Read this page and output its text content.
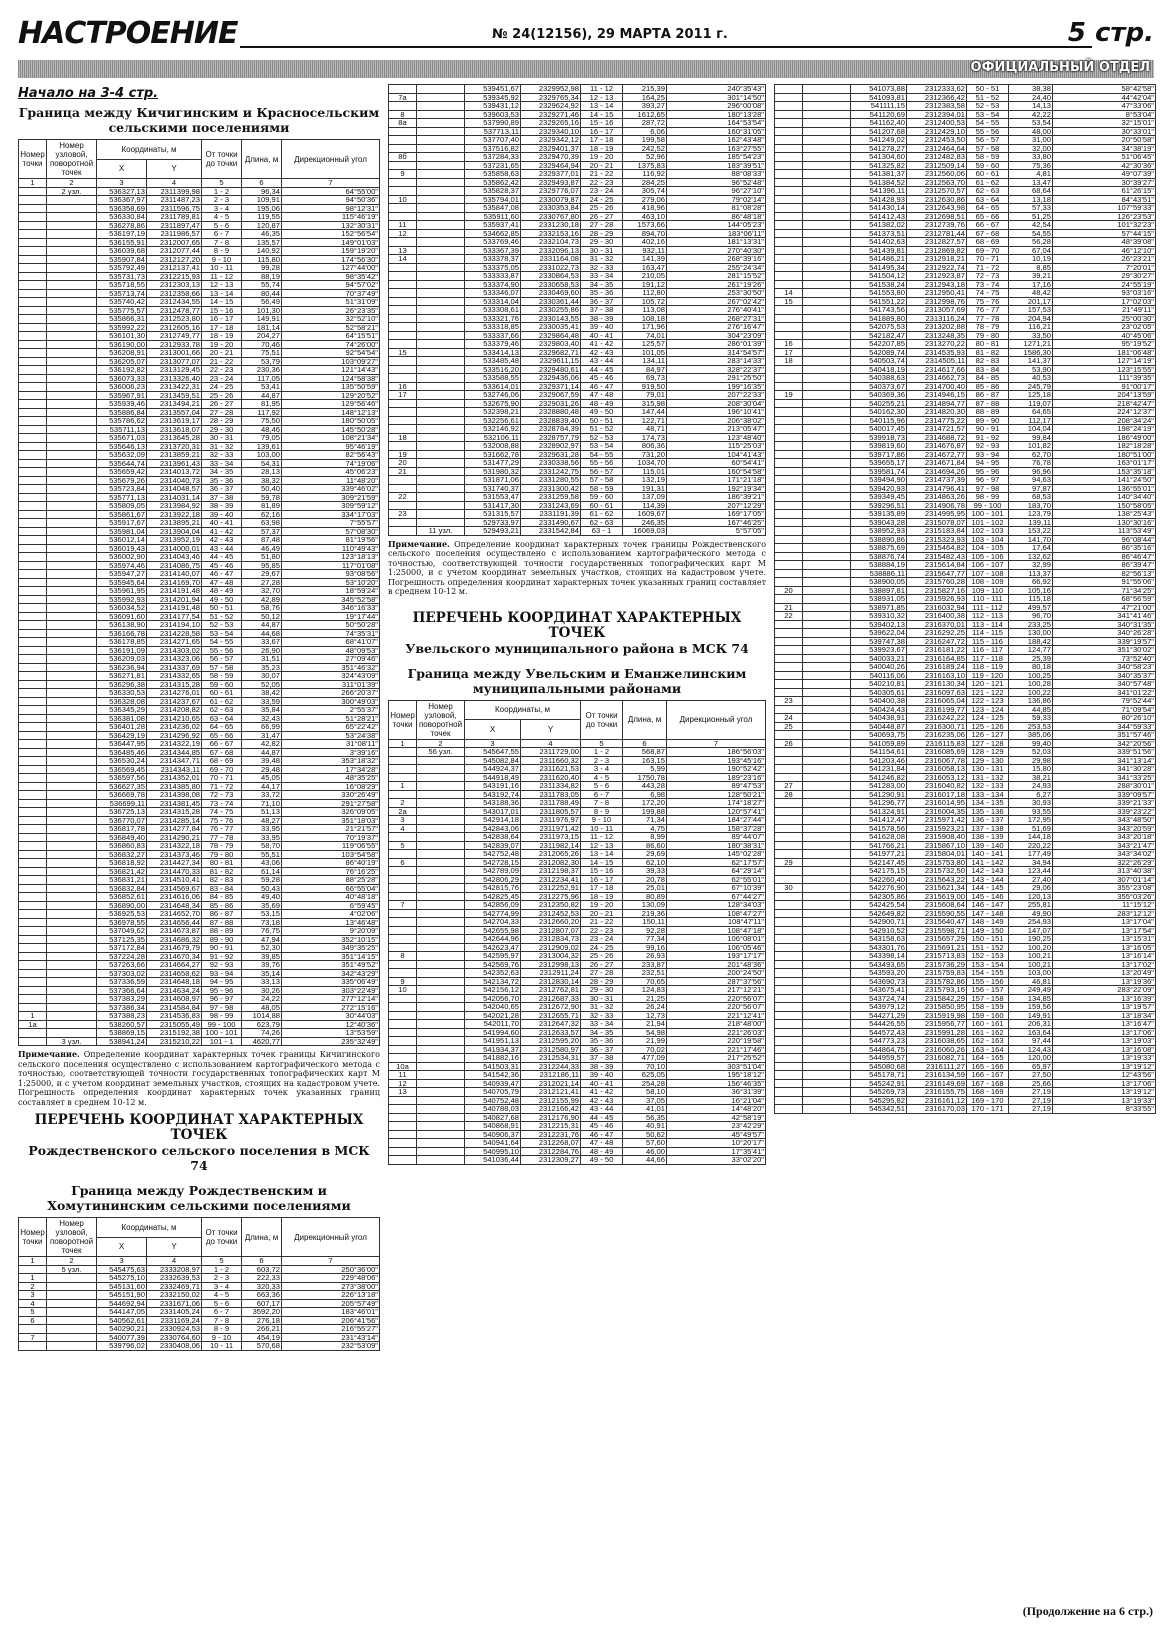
НАСТРОЕНИЕ	№ 24(12156), 29 МАРТА 2011 г.	5 стр.
ОФИЦИАЛЬНЫЙ ОТДЕЛ
Начало на 3-4 стр.
Граница между Кичигинским и Красносельским сельскими поселениями
Номер точки	Номер узловой, поворотной точек	Координаты, м		От точки до точки	Длина, м	Дирекционный угол
		X	Y			
1	2	3	4	5	6	7
	2 узл.	536327,13	2311399,98	1 - 2	96,34	64°55'00"
		536367,97	2311487,23	2 - 3	109,91	94°50'36"
		536358,69	2311596,75	3 - 4	195,06	98°12'31"
		536330,84	2311789,81	4 - 5	119,55	115°46'19"
		536278,86	2311897,47	5 - 6	120,87	132°30'31"
		536197,19	2311986,57	6 - 7	46,35	152°56'54"
		536155,91	2312007,65	7 - 8	135,57	149°01'03"
		536039,68	2312077,44	8 - 9	140,92	159°19'20"
		535907,84	2312127,20	9 - 10	115,80	174°56'30"
		535792,49	2312137,41	10 - 11	99,28	127°44'00"
		535731,73	2312215,93	11 - 12	88,19	98°35'42"
		535718,55	2312303,13	12 - 13	55,74	94°57'02"
		535713,74	2312358,66	13 - 14	80,44	70°37'49"
		535740,42	2312434,55	14 - 15	56,49	51°31'09"
		535775,57	2312478,77	15 - 16	101,30	26°23'35"
		535866,31	2312523,80	16 - 17	149,91	32°52'10"
		535992,22	2312605,16	17 - 18	181,14	52°58'21"
		536101,30	2312749,77	18 - 19	204,27	64°15'51"
		536190,00	2312933,78	19 - 20	70,46	74°26'00"
		536208,91	2313001,66	20 - 21	75,51	92°54'54"
		536205,07	2313077,07	21 - 22	53,79	103°09'27"
		536192,82	2313129,45	22 - 23	230,36	121°14'43"
		536073,33	2313326,40	23 - 24	117,05	124°58'38"
		536006,23	2313422,31	24 - 25	53,41	135°50'59"
		535967,91	2313459,51	25 - 26	44,87	129°20'52"
		535939,46	2313494,21	26 - 27	81,95	129°56'46"
		535886,84	2313557,04	27 - 28	117,92	148°12'13"
		535786,62	2313619,17	28 - 29	75,50	180°50'05"
		535711,13	2313618,07	29 - 30	48,46	145°50'28"
		535671,03	2313645,28	30 - 31	79,05	108°21'34"
		535646,13	2313720,31	31 - 32	139,61	95°46'19"
		535632,09	2313859,21	32 - 33	103,00	82°56'43"
		535644,74	2313961,43	33 - 34	54,31	74°19'06"
		535659,42	2314013,72	34 - 35	28,13	45°06'23"
		535679,26	2314040,73	35 - 36	38,32	11°48'20"
		535723,84	2314048,57	36 - 37	50,40	339°46'02"
		535771,13	2314031,14	37 - 38	59,78	309°21'59"
		535809,05	2313984,92	38 - 39	81,89	309°59'12"
		535861,67	2313922,18	39 - 40	62,16	334°17'03"
		535917,67	2313895,21	40 - 41	63,98	7°55'57"
		535981,04	2313904,04	41 - 42	57,37	57°08'30"
		536012,14	2313952,19	42 - 43	87,48	81°19'56"
		536019,43	2314000,01	43 - 44	46,49	110°49'43"
		536002,90	2314043,46	44 - 45	51,80	123°18'13"
		535974,46	2314086,75	45 - 46	95,85	117°01'08"
		535947,27	2314140,07	46 - 47	29,67	93°08'56"
		535945,64	2314169,70	47 - 48	27,28	53°10'20"
		535961,95	2314191,48	48 - 49	32,70	18°59'24"
		535992,93	2314201,94	49 - 50	42,89	345°52'58"
		536034,52	2314191,48	50 - 51	58,76	346°16'33"
		536091,60	2314177,54	51 - 52	50,12	19°17'44"
		536138,90	2314194,10	52 - 53	44,87	50°50'28"
		536166,78	2314228,58	53 - 54	44,68	74°35'31"
		536178,85	2314271,65	54 - 55	33,67	68°41'07"
		536191,09	2314303,02	55 - 56	26,90	48°09'53"
		536209,03	2314323,06	56 - 57	31,51	27°09'46"
		536236,94	2314337,69	57 - 58	35,23	351°46'32"
		536271,81	2314332,65	58 - 59	30,07	324°43'09"
		536296,38	2314315,28	59 - 60	52,05	311°01'39"
		536330,53	2314276,01	60 - 61	38,42	266°20'37"
		536328,08	2314237,67	61 - 62	33,59	300°49'03"
		536345,29	2314208,82	62 - 63	35,84	2°55'37"
		536381,08	2314210,65	63 - 64	32,43	51°28'21"
		536401,28	2314236,02	64 - 65	66,99	65°22'42"
		536429,19	2314296,92	65 - 66	31,47	53°24'38"
		536447,95	2314322,19	66 - 67	42,82	31°08'11"
		536485,46	2314344,85	67 - 68	44,87	3°39'16"
		536530,24	2314347,71	68 - 69	39,48	353°18'32"
		536569,45	2314343,11	69 - 70	29,48	17°34'28"
		536597,56	2314352,01	70 - 71	45,05	48°35'25"
		536627,35	2314385,80	71 - 72	44,17	16°08'29"
		536669,78	2314398,08	72 - 73	33,72	330°26'49"
		536699,11	2314381,45	73 - 74	71,10	291°27'58"
		536725,13	2314315,28	74 - 75	51,13	326°09'05"
		536770,07	2314285,14	75 - 76	48,27	351°18'03"
		536817,78	2314277,84	76 - 77	33,95	21°21'57"
		536849,40	2314290,21	77 - 78	33,95	70°19'37"
		536860,83	2314322,18	78 - 79	58,70	119°06'55"
		536832,27	2314373,46	79 - 80	55,51	103°54'58"
		536818,92	2314427,34	80 - 81	43,06	86°40'19"
		536821,42	2314470,33	81 - 82	61,14	76°16'25"
		536831,21	2314510,41	82 - 83	59,28	88°25'28"
		536832,84	2314569,67	83 - 84	50,43	66°55'04"
		536852,61	2314616,06	84 - 85	49,40	40°48'18"
		536890,00	2314648,34	85 - 86	35,69	6°59'45"
		536925,53	2314652,70	86 - 87	53,15	4°02'06"
		536978,55	2314656,44	87 - 88	73,18	13°46'48"
		537049,62	2314673,87	88 - 89	76,75	9°20'09"
		537125,35	2314686,32	89 - 90	47,94	352°10'15"
		537172,84	2314679,79	90 - 91	52,30	349°35'25"
		537224,28	2314670,34	91 - 92	39,85	351°14'15"
		537263,66	2314664,27	92 - 93	39,76	351°49'52"
		537303,02	2314658,62	93 - 94	35,14	342°43'29"
		537336,59	2314648,18	94 - 95	33,13	335°06'49"
		537366,64	2314634,24	95 - 96	30,26	303°22'49"
		537383,29	2314608,97	96 - 97	24,22	277°12'14"
		537386,34	2314584,84	97 - 98	48,05	272°15'16"
1		537388,23	2314536,83	98 - 99	1014,88	30°44'03"
1а		538260,57	2315055,49	99 - 100	623,79	12°40'36"
		538869,15	2315192,38	100 - 101	74,26	13°53'59"
	3 узл.	538941,24	2315210,22	101 - 1	4620,77	235°32'49"
Примечание. Определение координат характерных точек границы Кичигинского сельского поселения осуществлено с использованием картографического метода с точностью, соответствующей точности государственных топографических карт М 1:25000, и с учетом координат земельных участков, стоящих на кадастровом учете. Погрешность определения координат характерных точек указанных границ составляет в среднем 10-12 м.
ПЕРЕЧЕНЬ КООРДИНАТ ХАРАКТЕРНЫХ ТОЧЕК
Рождественского сельского поселения в МСК 74
Граница между Рождественским и Хомутининским сельскими поселениями
Номер точки	Номер узловой, поворотной точек	Координаты, м		От точки до точки	Длина, м	Дирекционный угол
		X	Y			
1	2	3	4	5	6	7
	5 узл.	545475,63	2333208,97	1 - 2	603,72	250°36'00"
1		545275,10	2332639,53	2 - 3	222,33	229°48'06"
2		545131,60	2332469,71	3 - 4	320,33	273°38'00"
3		545151,90	2332150,02	4 - 5	663,36	226°13'18"
4		544692,94	2331671,06	5 - 6	607,17	205°57'49"
5		544147,05	2331405,24	6 - 7	3592,20	183°46'01"
6		540562,61	2331169,24	7 - 8	276,18	206°41'56"
		540290,21	2330924,53	8 - 9	266,21	216°55'27"
7		540077,39	2330764,60	9 - 10	454,19	231°43'14"
		539796,02	2330408,06	10 - 11	570,68	232°53'09"
		539451,67	2329952,98	11 - 12	215,39	240°35'43"
7а		539345,92	2329765,34	12 - 13	164,25	301°14'50"
		539431,12	2329624,92	13 - 14	393,27	296°00'08"
8		539603,53	2329271,46	14 - 15	1612,65	180°13'28"
8а		537990,89	2329265,16	15 - 16	287,72	164°53'54"
		537713,11	2329340,10	16 - 17	6,06	160°31'05"
		537707,40	2329342,12	17 - 18	199,58	162°43'48"
		537516,82	2329401,37	18 - 19	242,52	163°27'55"
8б		537284,33	2329470,39	19 - 20	52,96	185°54'23"
		537231,65	2329464,94	20 - 21	1375,83	183°39'51"
9		535858,63	2329377,01	21 - 22	116,92	88°08'33"
		535862,42	2329493,87	22 - 23	284,25	96°52'48"
		535828,37	2329776,07	23 - 24	305,74	96°27'10"
10		535794,01	2330079,87	24 - 25	279,06	79°02'14"
		535847,08	2330353,84	25 - 26	418,96	81°08'28"
		535911,60	2330767,80	26 - 27	463,10	86°48'18"
11		535937,41	2331230,18	27 - 28	1573,66	144°05'23"
12		534662,85	2332153,16	28 - 29	894,70	183°06'11"
		533769,46	2332104,73	29 - 30	402,16	181°13'31"
13		533367,39	2332096,13	30 - 31	932,11	270°40'30"
14		533378,37	2331164,08	31 - 32	141,39	268°39'16"
		533375,05	2331022,73	32 - 33	163,47	255°24'34"
		533333,87	2330864,53	33 - 34	210,05	281°15'52"
		533374,90	2330658,53	34 - 35	191,12	261°19'26"
		533346,07	2330469,60	35 - 36	112,80	253°30'50"
		533314,04	2330361,44	36 - 37	105,72	267°02'42"
		533308,61	2330255,86	37 - 38	113,08	276°40'41"
		533321,76	2330143,55	38 - 39	108,18	268°27'31"
		533318,85	2330035,41	39 - 40	171,96	276°16'47"
		533337,66	2329864,48	40 - 41	74,01	304°23'09"
		533379,46	2329803,40	41 - 42	125,57	286°01'39"
15		533414,13	2329682,71	42 - 43	101,05	314°54'57"
		533485,48	2329611,15	43 - 44	134,11	283°14'33"
		533516,20	2329480,61	44 - 45	84,97	328°22'37"
		533588,55	2329436,06	45 - 46	69,73	291°25'50"
16		533614,01	2329371,14	46 - 47	919,50	199°16'35"
17		532746,06	2329067,59	47 - 48	79,01	207°22'33"
		532675,90	2329031,26	48 - 49	315,98	208°30'04"
		532398,21	2328880,48	49 - 50	147,44	196°10'41"
		532256,61	2328839,40	50 - 51	122,71	206°38'02"
		532146,92	2328784,39	51 - 52	48,71	213°05'47"
18		532106,11	2328757,79	52 - 53	174,73	123°48'40"
		532008,88	2328902,97	53 - 54	806,36	115°25'03"
19		531662,78	2329631,28	54 - 55	731,20	104°41'43"
20		531477,29	2330338,56	55 - 56	1034,70	60°54'41"
21		531980,32	2331242,75	56 - 57	115,01	160°54'58"
		531871,06	2331280,55	57 - 58	132,19	171°21'18"
		531740,37	2331300,42	58 - 59	191,31	192°19'34"
22		531553,47	2331259,58	59 - 60	137,09	186°39'21"
		531417,30	2331243,69	60 - 61	114,39	207°12'29"
23		531315,57	2331191,39	61 - 62	1609,67	169°17'05"
		529733,97	2331490,67	62 - 63	246,35	167°46'25"
	11 узл.	529493,21	2331542,84	63 - 1	16069,03	5°57'05"
Примечание. Определение координат характерных точек границы Рождественского сельского поселения осуществлено с использованием картографического метода с точностью, соответствующей точности государственных топографических карт М 1:25000, и с учетом координат земельных участков, стоящих на кадастровом учете. Погрешность определения координат характерных точек указанных границ составляет в среднем 10-12 м.
ПЕРЕЧЕНЬ КООРДИНАТ ХАРАКТЕРНЫХ ТОЧЕК
Увельского муниципального района в МСК 74
Граница между Увельским и Еманжелинским муниципальными районами
Номер точки	Номер узловой, поворотной точек	Координаты, м		От точки до точки	Длина, м	Дирекционный угол
		X	Y			
1	2	3	4	5	6	7
	56 узл.	545647,55	2311729,00	1 - 2	568,87	186°56'03"
		545082,84	2311660,32	2 - 3	163,15	193°45'16"
		544924,37	2311621,53	3 - 4	5,99	190°52'42"
		544918,49	2311620,40	4 - 5	1750,78	189°23'16"
1		543191,16	2311334,82	5 - 6	443,28	89°47'53"
		543192,74	2311783,05	6 - 7	6,98	128°50'21"
2		543188,36	2311788,49	7 - 8	172,20	174°18'27"
2а		543017,01	2311805,57	8 - 9	199,88	120°57'41"
3		542914,18	2311976,97	9 - 10	71,34	184°27'44"
4		542843,06	2311971,42	10 - 11	4,75	158°37'28"
		542838,64	2311973,15	11 - 12	8,99	89°44'07"
5		542839,07	2311982,14	12 - 13	86,60	180°38'31"
		542752,48	2312065,26	13 - 14	29,69	145°02'28"
6		542728,15	2312082,30	14 - 15	62,10	62°17'57"
		542789,09	2312198,37	15 - 16	39,33	64°29'14"
		542806,29	2312234,41	16 - 17	20,78	62°55'01"
		542815,76	2312252,91	17 - 18	25,01	67°10'39"
		542825,45	2312275,96	18 - 19	80,89	67°44'27"
7		542856,09	2312350,82	19 - 20	130,09	128°34'03"
		542774,99	2312452,53	20 - 21	219,36	108°47'27"
		542704,33	2312660,20	21 - 22	150,11	108°47'11"
		542655,98	2312807,07	22 - 23	92,28	108°47'18"
		542644,96	2312834,73	23 - 24	77,34	106°08'01"
		542623,47	2312909,02	24 - 25	99,16	106°05'46"
8		542595,97	2313004,32	25 - 26	26,93	193°17'17"
		542569,76	2312998,13	26 - 27	233,87	201°48'36"
		542352,63	2312911,24	27 - 28	232,51	200°24'50"
9		542134,72	2312830,14	28 - 29	70,65	287°37'56"
10		542156,12	2312762,81	29 - 30	124,83	217°12'21"
		542056,70	2312687,33	30 - 31	21,25	220°56'07"
		542040,65	2312672,90	31 - 32	26,24	220°56'07"
		542021,28	2312655,71	32 - 33	12,73	221°12'41"
		542011,70	2312647,32	33 - 34	21,94	218°48'00"
		541994,60	2312633,57	34 - 35	54,98	221°26'03"
		541951,13	2312595,20	35 - 36	21,99	220°19'58"
		541934,37	2312580,97	36 - 37	70,02	221°17'46"
		541882,16	2312534,31	37 - 38	477,09	217°25'52"
10а		541503,31	2312244,33	38 - 39	70,10	303°51'04"
11		541542,36	2312186,11	39 - 40	625,05	195°18'12"
12		540939,47	2312021,14	40 - 41	254,28	156°46'35"
13		540705,79	2312121,41	41 - 42	58,10	36°31'39"
		540752,48	2312155,99	42 - 43	37,05	16°21'04"
		540788,03	2312166,42	43 - 44	41,01	14°48'20"
		540827,68	2312176,90	44 - 45	56,35	42°58'19"
		540868,91	2312215,31	45 - 46	40,91	23°42'29"
		540906,37	2312231,76	46 - 47	50,62	45°49'57"
		540941,64	2312268,07	47 - 48	57,60	10°20'17"
		540995,10	2312284,76	48 - 49	46,00	17°35'41"
		541036,44	2312309,27	49 - 50	44,66	33°02'20"
		541073,88	2312333,62	50 - 51	38,38	58°42'58"
		541093,81	2312366,42	51 - 52	24,40	44°42'04"
		541111,15	2312383,58	52 - 53	14,13	47°33'06"
		541120,69	2312394,01	53 - 54	42,22	8°53'04"
		541162,40	2312400,53	54 - 55	53,54	32°15'01"
		541207,68	2312429,10	55 - 56	48,00	30°33'01"
		541249,02	2312453,50	56 - 57	31,00	20°50'58"
		541278,27	2312464,64	57 - 58	32,00	34°38'19"
		541304,60	2312482,83	58 - 59	33,80	51°06'45"
		541325,82	2312509,14	59 - 60	75,36	42°30'36"
		541381,37	2312560,06	60 - 61	4,81	49°07'39"
		541384,52	2312563,70	61 - 62	13,47	30°39'27"
		541396,11	2312570,57	62 - 63	68,64	61°26'15"
		541428,93	2312630,86	63 - 64	13,18	84°43'51"
		541430,14	2312643,98	64 - 65	57,33	107°59'33"
		541412,43	2312698,51	65 - 66	51,25	126°23'53"
		541382,02	2312739,76	66 - 67	42,54	101°32'23"
		541373,51	2312781,44	67 - 68	54,55	57°44'15"
		541402,63	2312827,57	68 - 69	56,28	48°39'08"
		541439,81	2312869,82	69 - 70	67,04	46°12'10"
		541486,21	2312918,21	70 - 71	10,19	26°23'21"
		541495,34	2312922,74	71 - 72	8,85	7°20'01"
		541504,12	2312923,87	72 - 73	39,21	29°30'27"
		541538,24	2312943,18	73 - 74	17,16	24°55'19"
14		541553,80	2312950,41	74 - 75	48,42	93°03'16"
15		541551,22	2312998,76	75 - 76	201,17	17°02'03"
		541743,56	2313057,69	76 - 77	157,53	21°49'11"
		541889,80	2313116,24	77 - 78	204,94	25°00'30"
		542075,53	2313202,88	78 - 79	116,21	23°02'05"
		542182,47	2313248,35	79 - 80	33,50	40°45'06"
16		542207,85	2313270,22	80 - 81	1271,21	95°19'52"
17		542089,74	2314535,93	81 - 82	1586,30	181°06'48"
18		540503,74	2314505,11	82 - 83	141,37	127°14'19"
		540418,19	2314617,66	83 - 84	53,90	123°15'55"
		540388,63	2314662,73	84 - 85	40,53	111°39'35"
		540373,67	2314700,40	85 - 86	245,79	91°00'17"
19		540369,36	2314946,15	86 - 87	125,18	204°13'59"
		540255,21	2314894,77	87 - 88	119,07	218°42'47"
		540162,30	2314820,30	88 - 89	64,65	224°12'37"
		540115,96	2314775,22	89 - 90	112,17	208°34'24"
		540017,45	2314721,57	90 - 91	104,04	198°24'19"
		539918,73	2314688,72	91 - 92	99,84	186°49'00"
		539819,60	2314676,87	92 - 93	101,82	182°18'28"
		539717,86	2314672,77	93 - 94	62,70	180°51'00"
		539655,17	2314671,84	94 - 95	76,78	163°01'17"
		539581,74	2314694,26	95 - 96	96,96	153°35'18"
		539494,90	2314737,39	96 - 97	94,63	141°24'50"
		539420,93	2314796,41	97 - 98	97,87	136°55'01"
		539349,45	2314863,26	98 - 99	68,53	140°34'40"
		539296,51	2314906,78	99 - 100	183,70	150°58'05"
		539135,89	2314995,95	100 - 101	123,79	138°25'43"
		539043,28	2315078,07	101 - 102	139,11	130°30'16"
		538952,93	2315183,84	102 - 103	153,22	113°53'49"
		538890,86	2315323,93	103 - 104	141,70	96°08'44"
		538875,69	2315464,82	104 - 105	17,64	86°35'16"
		538876,74	2315482,43	105 - 106	132,62	86°46'47"
		538884,19	2315614,84	106 - 107	32,99	86°39'47"
		538886,11	2315647,77	107 - 108	113,37	82°56'13"
		538900,05	2315760,28	108 - 109	66,92	91°55'06"
20		538897,81	2315827,16	109 - 110	105,16	71°34'25"
		538931,05	2315926,93	110 - 111	115,18	68°56'59"
21		538971,85	2316032,94	111 - 112	499,57	47°21'00"
22		539310,32	2316400,38	112 - 113	96,70	341°41'46"
		539402,13	2316370,01	113 - 114	233,25	340°31'35"
		539622,04	2316292,25	114 - 115	130,00	340°26'28"
		539747,38	2316247,72	115 - 116	188,42	339°19'57"
		539923,67	2316181,22	116 - 117	124,77	351°30'02"
		540033,21	2316164,85	117 - 118	25,39	73°52'40"
		540040,26	2316189,24	118 - 119	80,18	340°58'23"
		540116,06	2316163,10	119 - 120	100,25	340°35'37"
		540210,81	2316130,34	120 - 121	100,28	340°57'48"
		540305,61	2316097,63	121 - 122	100,22	341°01'22"
23		540400,38	2316065,04	122 - 123	136,86	79°52'44"
		540424,43	2316199,77	123 - 124	44,85	71°09'54"
24		540438,91	2316242,22	124 - 125	59,33	80°26'10"
25		540448,87	2316300,71	125 - 126	253,53	344°59'33"
		540693,75	2316235,06	126 - 127	385,06	351°57'46"
26		541059,89	2316115,83	127 - 128	99,40	342°20'56"
		541154,61	2316085,69	128 - 129	52,03	339°51'56"
		541203,46	2316067,78	129 - 130	29,98	341°13'14"
		541231,84	2316058,13	130 - 131	15,80	341°30'28"
		541246,82	2316053,12	131 - 132	38,21	341°33'25"
27		541283,00	2316040,82	132 - 133	24,93	288°30'01"
28		541290,91	2316017,18	133 - 134	6,27	339°09'57"
		541296,77	2316014,95	134 - 135	30,93	339°21'33"
		541324,91	2316004,35	135 - 136	93,55	339°23'22"
		541412,47	2315971,42	136 - 137	172,95	343°48'50"
		541578,56	2315923,21	137 - 138	51,69	343°20'59"
		541628,08	2315908,40	138 - 139	144,18	343°20'18"
		541766,21	2315867,10	139 - 140	220,22	343°21'47"
		541977,21	2315804,01	140 - 141	177,49	343°34'02"
29		542147,45	2315753,80	141 - 142	34,94	322°26'29"
		542175,15	2315732,50	142 - 143	123,44	313°40'38"
		542260,40	2315643,22	143 - 144	27,40	307°01'14"
30		542276,90	2315621,34	144 - 145	29,06	355°23'08"
		542305,86	2315619,00	145 - 146	120,13	355°03'26"
		542425,54	2315608,64	146 - 147	255,81	11°15'12"
		542649,82	2315590,55	147 - 148	49,90	283°12'12"
		542900,71	2315640,47	148 - 149	254,93	13°17'04"
		542910,52	2315598,71	149 - 150	147,07	13°17'54"
		543158,63	2315657,29	150 - 151	190,25	13°15'31"
		543301,76	2315691,21	151 - 152	100,20	13°16'05"
		543398,14	2315713,83	152 - 153	100,21	13°16'14"
		543493,65	2315736,29	153 - 154	100,21	13°17'02"
		543593,20	2315759,83	154 - 155	103,00	13°20'49"
		543690,73	2315782,86	155 - 156	46,81	13°19'36"
		543675,41	2315793,16	156 - 157	249,49	283°22'09"
		543724,74	2315842,29	157 - 158	134,85	13°16'39"
		543979,12	2315850,95	158 - 159	159,56	13°19'57"
		544271,29	2315919,98	159 - 160	149,91	13°18'34"
		544426,55	2315956,77	160 - 161	206,31	13°16'47"
		544572,43	2315991,28	161 - 162	163,64	13°17'06"
		544773,23	2316038,65	162 - 163	97,44	13°19'03"
		544864,75	2316060,26	163 - 164	124,43	13°16'08"
		544959,57	2316082,71	164 - 165	120,00	13°19'33"
		545080,68	2316111,27	165 - 166	65,97	13°19'12"
		545178,71	2316134,59	166 - 167	27,50	12°43'56"
		545242,91	2316149,69	167 - 168	25,66	13°17'06"
		545269,73	2316155,75	168 - 169	27,19	13°19'12"
		545295,82	2316161,12	169 - 170	27,19	13°19'33"
		545342,51	2316170,03	170 - 171	27,19	8°33'55"
(Продолжение на 6 стр.)
